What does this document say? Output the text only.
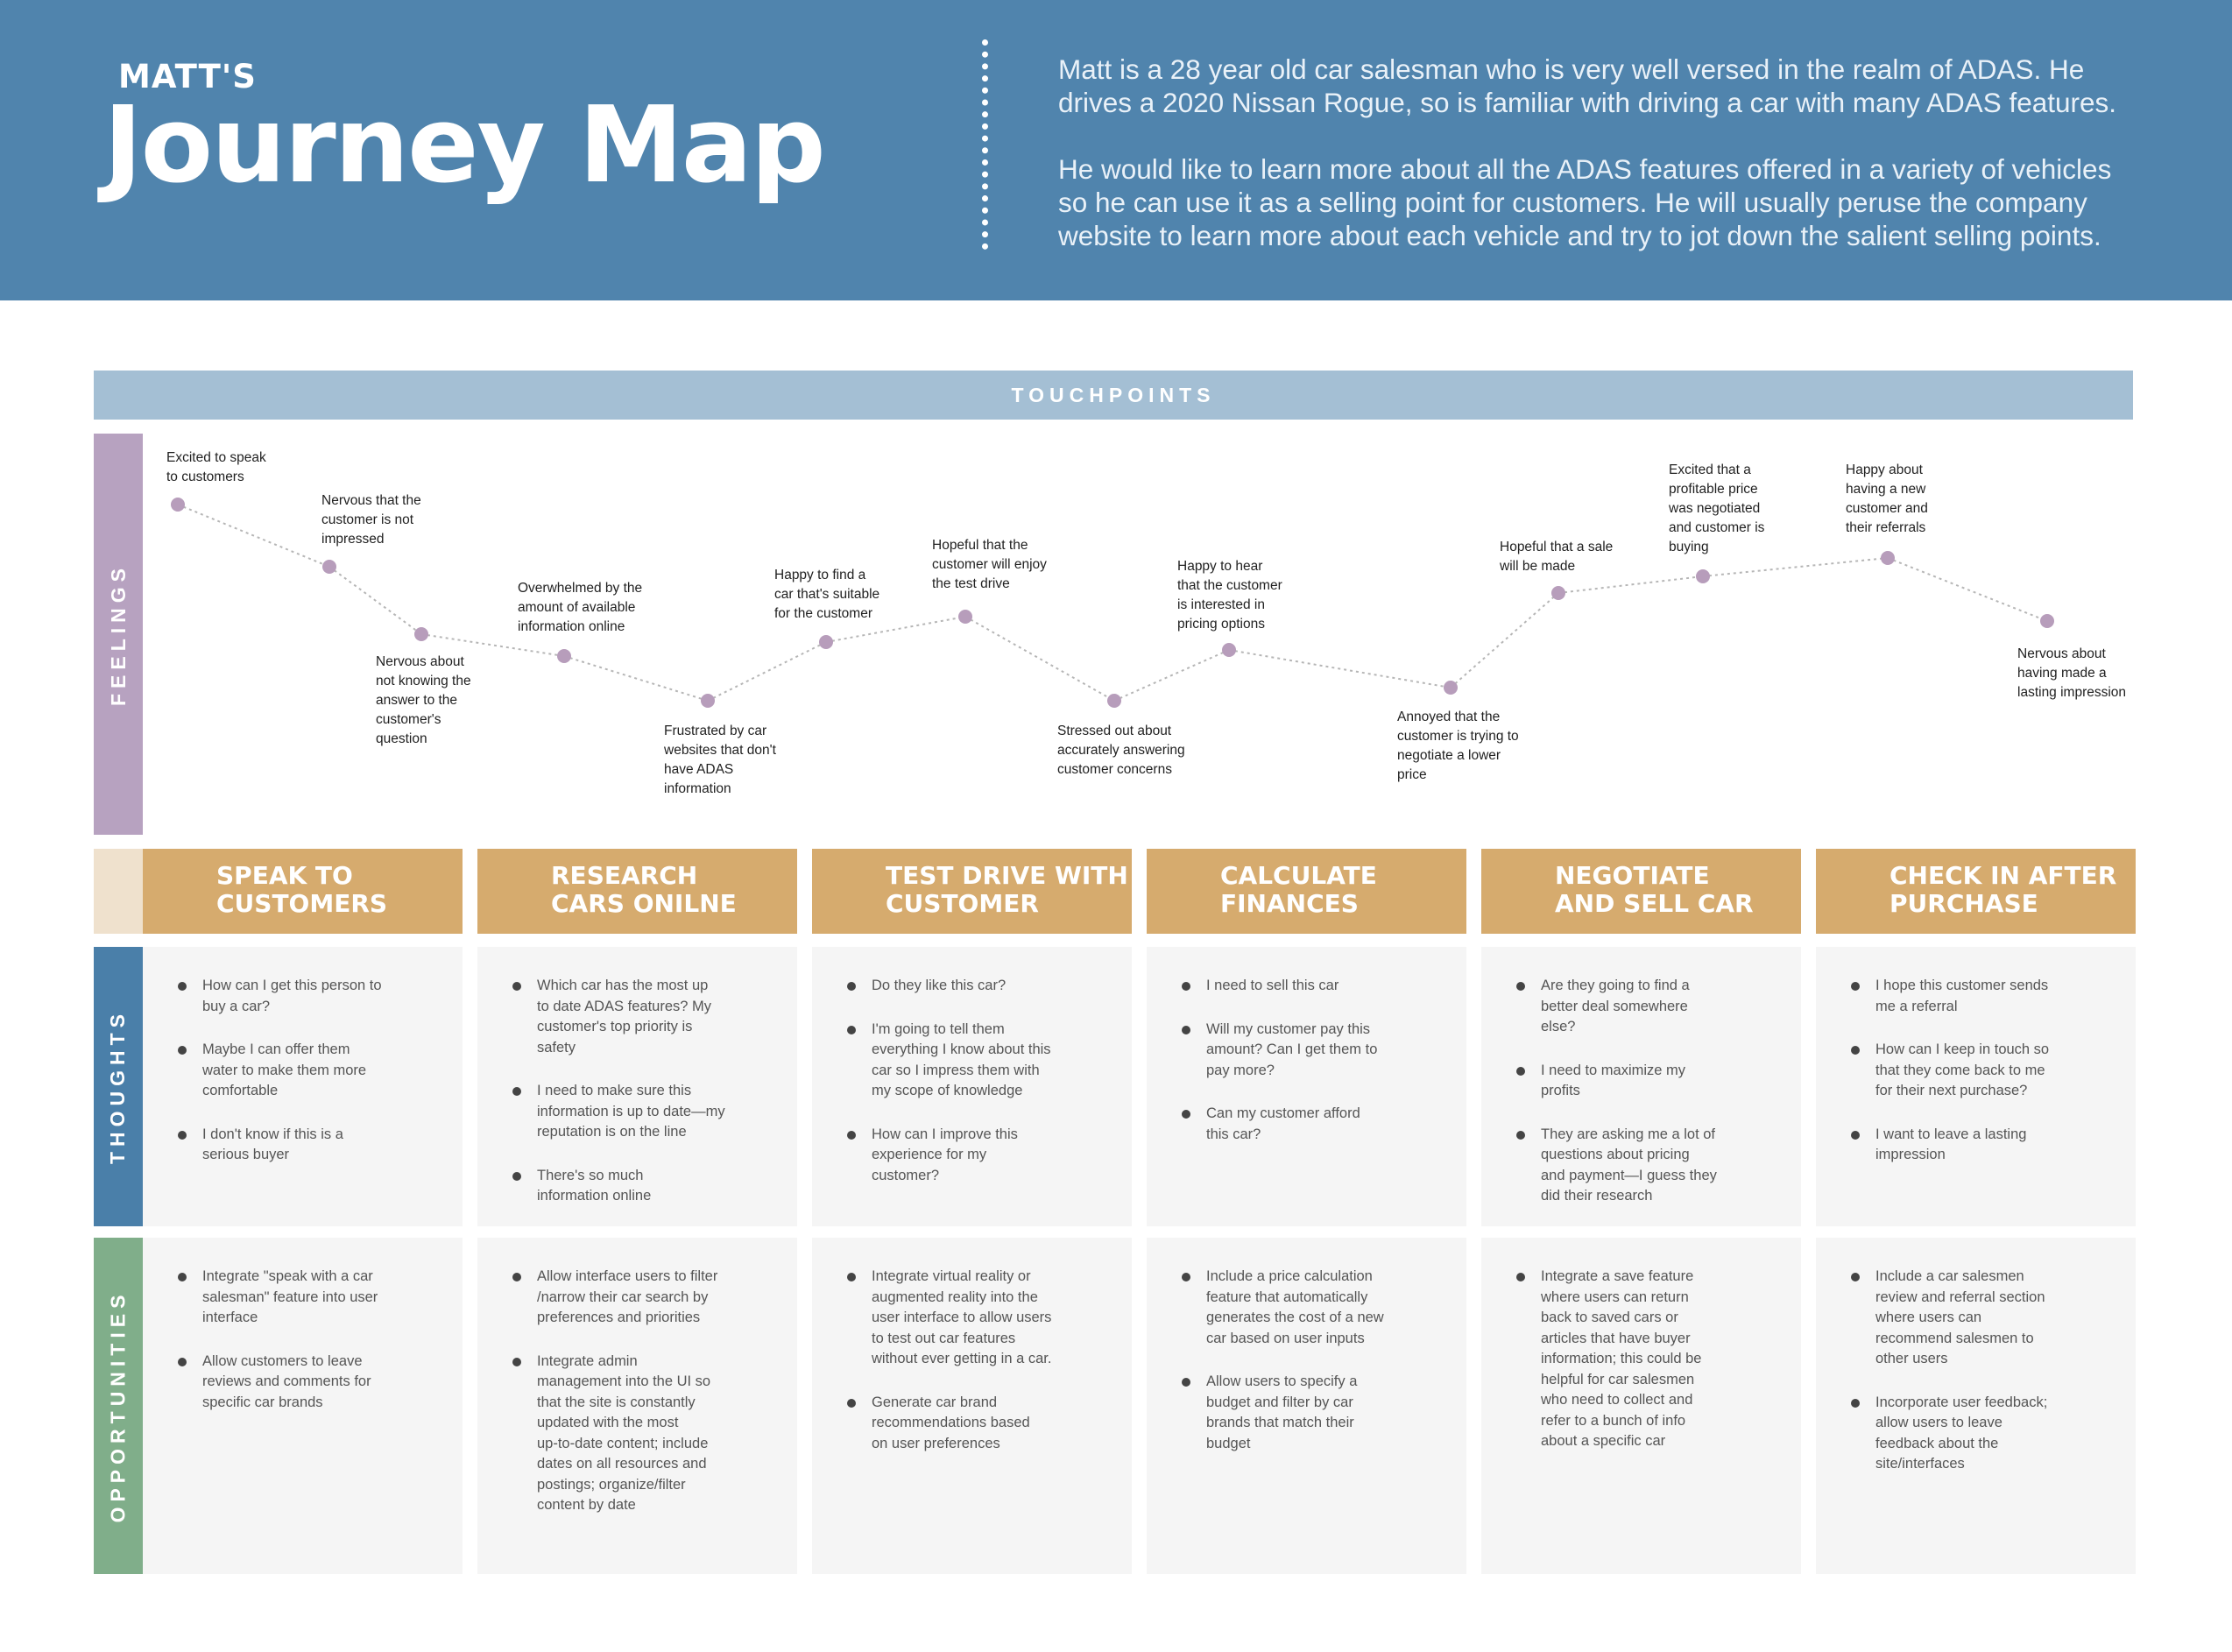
MATT'S
Journey Map
Matt is a 28 year old car salesman who is very well versed in the realm of ADAS. He drives a 2020 Nissan Rogue, so is familiar with driving a car with many ADAS features.
He would like to learn more about all the ADAS features offered in a variety of vehicles so he can use it as a selling point for customers. He will usually peruse the company website to learn more about each vehicle and try to jot down the salient selling points.
TOUCHPOINTS
FEELINGS
THOUGHTS
OPPORTUNITIES
Excited to speak
to customers
Nervous that the
customer is not
impressed
Nervous about
not knowing the
answer to the
customer's
question
Overwhelmed by the
amount of available
information online
Frustrated by car
websites that don't
have ADAS
information
Happy to find a
car that's suitable
for the customer
Hopeful that the
customer will enjoy
the test drive
Stressed out about
accurately answering
customer concerns
Happy to hear
that the customer
is interested in
pricing options
Annoyed that the
customer is trying to
negotiate a lower
price
Hopeful that a sale
will be made
Excited that a
profitable price
was negotiated
and customer is
buying
Happy about
having a new
customer and
their referrals
Nervous about
having made a
lasting impression
SPEAK TO
CUSTOMERS
RESEARCH
CARS ONILNE
TEST DRIVE WITH
CUSTOMER
CALCULATE
FINANCES
NEGOTIATE
AND SELL CAR
CHECK IN AFTER
PURCHASE
How can I get this person to
buy a car?
Maybe I can offer them
water to make them more
comfortable
I don't know if this is a
serious buyer
Which car has the most up
to date ADAS features? My
customer's top priority is
safety
I need to make sure this
information is up to date—my
reputation is on the line
There's so much
information online
Do they like this car?
I'm going to tell them
everything I know about this
car so I impress them with
my scope of knowledge
How can I improve this
experience for my
customer?
I need to sell this car
Will my customer pay this
amount? Can I get them to
pay more?
Can my customer afford
this car?
Are they going to find a
better deal somewhere
else?
I need to maximize my
profits
They are asking me a lot of
questions about pricing
and payment—I guess they
did their research
I hope this customer sends
me a referral
How can I keep in touch so
that they come back to me
for their next purchase?
I want to leave a lasting
impression
Integrate "speak with a car
salesman" feature into user
interface
Allow customers to leave
reviews and comments for
specific car brands
Allow interface users to filter
/narrow their car search by
preferences and priorities
Integrate admin
management into the UI so
that the site is constantly
updated with the most
up-to-date content; include
dates on all resources and
postings; organize/filter
content by date
Integrate virtual reality or
augmented reality into the
user interface to allow users
to test out car features
without ever getting in a car.
Generate car brand
recommendations based
on user preferences
Include a price calculation
feature that automatically
generates the cost of a new
car based on user inputs
Allow users to specify a
budget and filter by car
brands that match their
budget
Integrate a save feature
where users can return
back to saved cars or
articles that have buyer
information; this could be
helpful for car salesmen
who need to collect and
refer to a bunch of info
about a specific car
Include a car salesmen
review and referral section
where users can
recommend salesmen to
other users
Incorporate user feedback;
allow users to leave
feedback about the
site/interfaces
